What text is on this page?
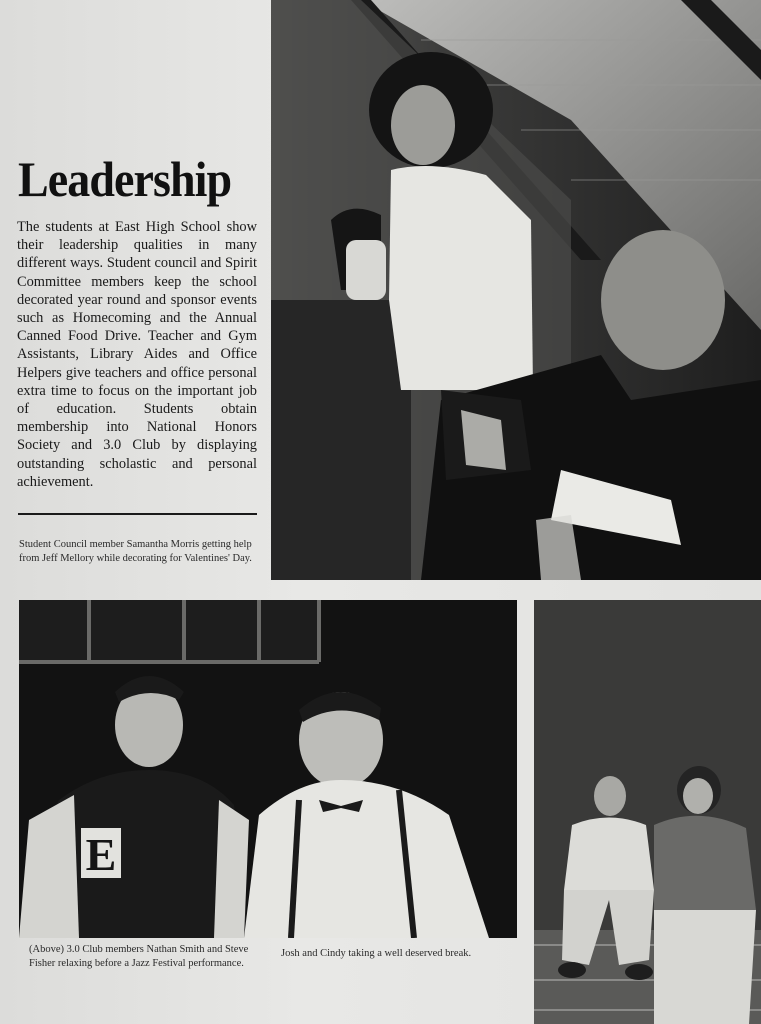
Leadership

The students at East High School show their leadership qualities in many different ways. Student council and Spirit Committee members keep the school decorated year round and sponsor events such as Homecoming and the Annual Canned Food Drive. Teacher and Gym Assistants, Library Aides and Office Helpers give teachers and office personal extra time to focus on the important job of education. Students obtain membership into National Honors Society and 3.0 Club by displaying outstanding scholastic and personal achievement.

Student Council member Samantha Morris getting help from Jeff Mellory while decorating for Valentines' Day.

E

(Above) 3.0 Club members Nathan Smith and Steve Fisher relaxing before a Jazz Festival performance.

Josh and Cindy taking a well deserved break.
